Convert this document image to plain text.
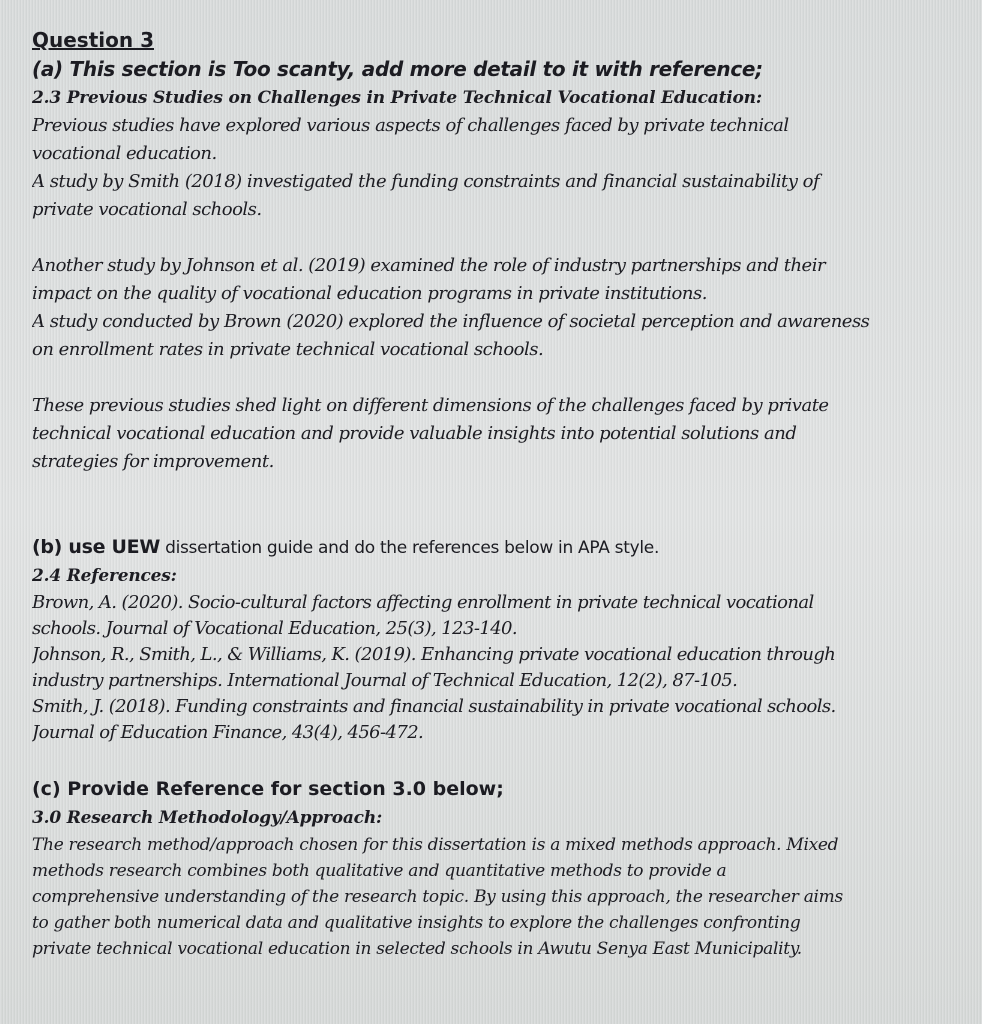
Question 3
(a) This section is Too scanty, add more detail to it with reference;
2.3 Previous Studies on Challenges in Private Technical Vocational Education:
Previous studies have explored various aspects of challenges faced by private technical
vocational education.
A study by Smith (2018) investigated the funding constraints and financial sustainability of
private vocational schools.
Another study by Johnson et al. (2019) examined the role of industry partnerships and their
impact on the quality of vocational education programs in private institutions.
A study conducted by Brown (2020) explored the influence of societal perception and awareness
on enrollment rates in private technical vocational schools.
These previous studies shed light on different dimensions of the challenges faced by private
technical vocational education and provide valuable insights into potential solutions and
strategies for improvement.
(b) use UEW dissertation guide and do the references below in APA style.
2.4 References:
Brown, A. (2020). Socio-cultural factors affecting enrollment in private technical vocational
schools. Journal of Vocational Education, 25(3), 123-140.
Johnson, R., Smith, L., & Williams, K. (2019). Enhancing private vocational education through
industry partnerships. International Journal of Technical Education, 12(2), 87-105.
Smith, J. (2018). Funding constraints and financial sustainability in private vocational schools.
Journal of Education Finance, 43(4), 456-472.
(c) Provide Reference for section 3.0 below;
3.0 Research Methodology/Approach:
The research method/approach chosen for this dissertation is a mixed methods approach. Mixed
methods research combines both qualitative and quantitative methods to provide a
comprehensive understanding of the research topic. By using this approach, the researcher aims
to gather both numerical data and qualitative insights to explore the challenges confronting
private technical vocational education in selected schools in Awutu Senya East Municipality.
